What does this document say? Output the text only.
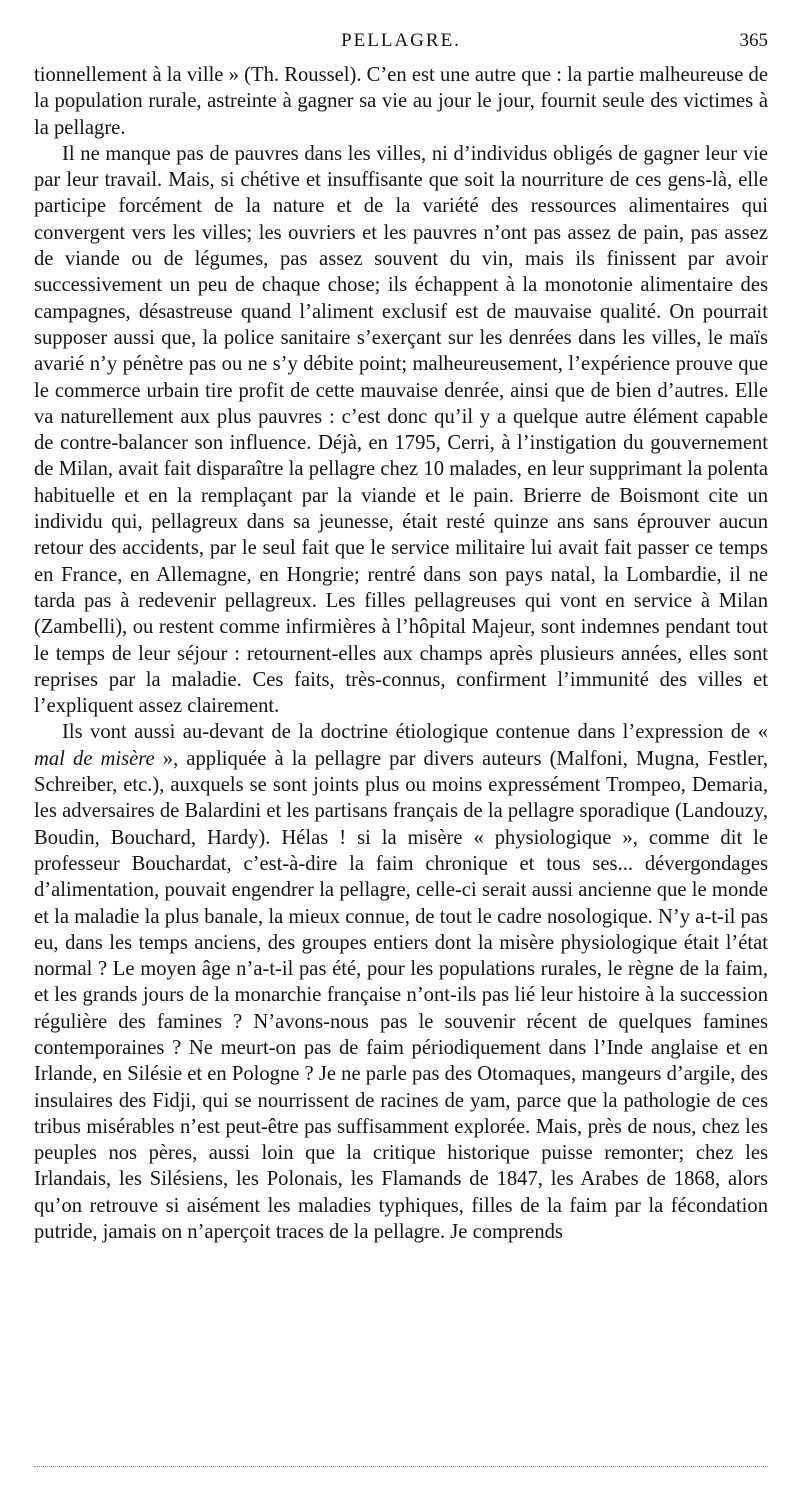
PELLAGRE.	365

tionnellement à la ville » (Th. Roussel). C’en est une autre que : la partie malheureuse de la population rurale, astreinte à gagner sa vie au jour le jour, fournit seule des victimes à la pellagre.

Il ne manque pas de pauvres dans les villes, ni d’individus obligés de gagner leur vie par leur travail. Mais, si chétive et insuffisante que soit la nourriture de ces gens-là, elle participe forcément de la nature et de la variété des ressources alimentaires qui convergent vers les villes; les ouvriers et les pauvres n’ont pas assez de pain, pas assez de viande ou de légumes, pas assez souvent du vin, mais ils finissent par avoir successivement un peu de chaque chose; ils échappent à la monotonie alimentaire des campagnes, désastreuse quand l’aliment exclusif est de mauvaise qualité. On pourrait supposer aussi que, la police sanitaire s’exerçant sur les denrées dans les villes, le maïs avarié n’y pénètre pas ou ne s’y débite point; malheureusement, l’expérience prouve que le commerce urbain tire profit de cette mauvaise denrée, ainsi que de bien d’autres. Elle va naturellement aux plus pauvres : c’est donc qu’il y a quelque autre élément capable de contre-balancer son influence. Déjà, en 1795, Cerri, à l’instigation du gouvernement de Milan, avait fait disparaître la pellagre chez 10 malades, en leur supprimant la polenta habituelle et en la remplaçant par la viande et le pain. Brierre de Boismont cite un individu qui, pellagreux dans sa jeunesse, était resté quinze ans sans éprouver aucun retour des accidents, par le seul fait que le service militaire lui avait fait passer ce temps en France, en Allemagne, en Hongrie; rentré dans son pays natal, la Lombardie, il ne tarda pas à redevenir pellagreux. Les filles pellagreuses qui vont en service à Milan (Zambelli), ou restent comme infirmières à l’hôpital Majeur, sont indemnes pendant tout le temps de leur séjour : retournent-elles aux champs après plusieurs années, elles sont reprises par la maladie. Ces faits, très-connus, confirment l’immunité des villes et l’expliquent assez clairement.

Ils vont aussi au-devant de la doctrine étiologique contenue dans l’expression de « mal de misère », appliquée à la pellagre par divers auteurs (Malfoni, Mugna, Festler, Schreiber, etc.), auxquels se sont joints plus ou moins expressément Trompeo, Demaria, les adversaires de Balardini et les partisans français de la pellagre sporadique (Landouzy, Boudin, Bouchard, Hardy). Hélas ! si la misère « physiologique », comme dit le professeur Bouchardat, c’est-à-dire la faim chronique et tous ses... dévergondages d’alimentation, pouvait engendrer la pellagre, celle-ci serait aussi ancienne que le monde et la maladie la plus banale, la mieux connue, de tout le cadre nosologique. N’y a-t-il pas eu, dans les temps anciens, des groupes entiers dont la misère physiologique était l’état normal ? Le moyen âge n’a-t-il pas été, pour les populations rurales, le règne de la faim, et les grands jours de la monarchie française n’ont-ils pas lié leur histoire à la succession régulière des famines ? N’avons-nous pas le souvenir récent de quelques famines contemporaines ? Ne meurt-on pas de faim périodiquement dans l’Inde anglaise et en Irlande, en Silésie et en Pologne ? Je ne parle pas des Otomaques, mangeurs d’argile, des insulaires des Fidji, qui se nourrissent de racines de yam, parce que la pathologie de ces tribus misérables n’est peut-être pas suffisamment explorée. Mais, près de nous, chez les peuples nos pères, aussi loin que la critique historique puisse remonter; chez les Irlandais, les Silésiens, les Polonais, les Flamands de 1847, les Arabes de 1868, alors qu’on retrouve si aisément les maladies typhiques, filles de la faim par la fécondation putride, jamais on n’aperçoit traces de la pellagre. Je comprends
